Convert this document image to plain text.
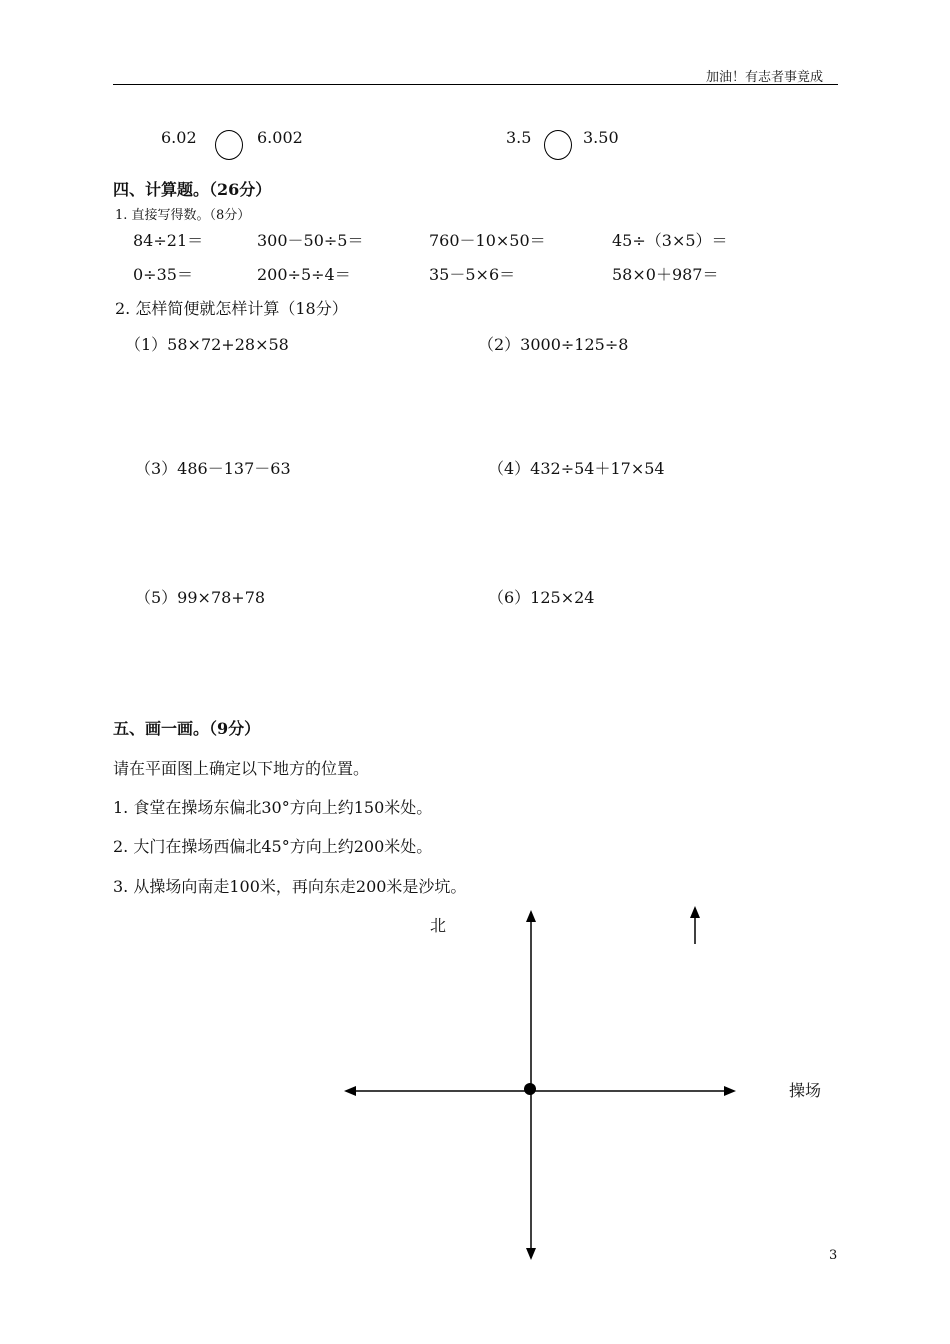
加油！有志者事竟成
6.02	6.002	3.5	3.50
四、计算题。（26分）
1. 直接写得数。（8分）
84÷21＝	300－50÷5＝	760－10×50＝	45÷（3×5）＝
0÷35＝	200÷5÷4＝	35－5×6＝	58×0＋987＝
2. 怎样简便就怎样计算（18分）
（1）58×72+28×58	（2）3000÷125÷8
（3）486－137－63	（4）432÷54＋17×54
（5）99×78+78	（6）125×24
五、画一画。（9分）
请在平面图上确定以下地方的位置。
1. 食堂在操场东偏北30°方向上约150米处。
2. 大门在操场西偏北45°方向上约200米处。
3. 从操场向南走100米，再向东走200米是沙坑。
北
操场
3
